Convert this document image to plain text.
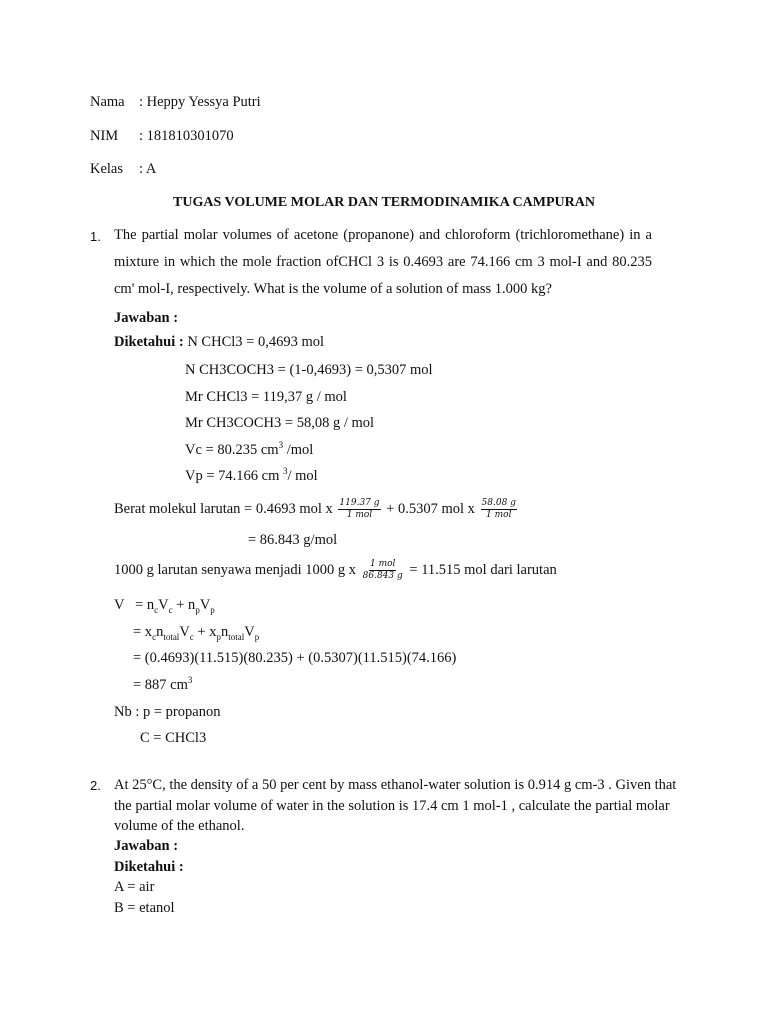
Nama : Heppy Yessya Putri
NIM : 181810301070
Kelas : A
TUGAS VOLUME MOLAR DAN TERMODINAMIKA CAMPURAN
1. The partial molar volumes of acetone (propanone) and chloroform (trichloromethane) in a mixture in which the mole fraction ofCHCl 3 is 0.4693 are 74.166 cm 3 mol-I and 80.235 cm' mol-I, respectively. What is the volume of a solution of mass 1.000 kg?
Jawaban :
Diketahui : N CHCl3 = 0,4693 mol
N CH3COCH3 = (1-0,4693) = 0,5307 mol
Mr CHCl3 = 119,37 g / mol
Mr CH3COCH3 = 58,08 g / mol
Vc = 80.235 $cm^3$ /mol
Vp = 74.166 cm $^3$/ mol
Berat molekul larutan = 0.4693 mol x $\frac{119.37 g}{\text{1 mol}} + 0.5307$ mol x $\frac{58.08 g}{\text{1 mol}}$
= 86.843 g/mol
1000 g larutan senyawa menjadi 1000 g x $\frac{\text{1 mol}}{86.843 g} = 11.515$ mol dari larutan
$V = n_cV_c + n_pV_p$
= $x_cn_{total}V_c + x_pn_{total}V_p$
= (0.4693)(11.515)(80.235) + (0.5307)(11.515)(74.166)
= 887 $cm^3$
Nb : p = propanon
C = CHCl3
2. At 25°C, the density of a 50 per cent by mass ethanol-water solution is 0.914 g cm-3 . Given that the partial molar volume of water in the solution is 17.4 cm 1 mol-1 , calculate the partial molar volume of the ethanol.
Jawaban :
Diketahui :
A = air
B = etanol
